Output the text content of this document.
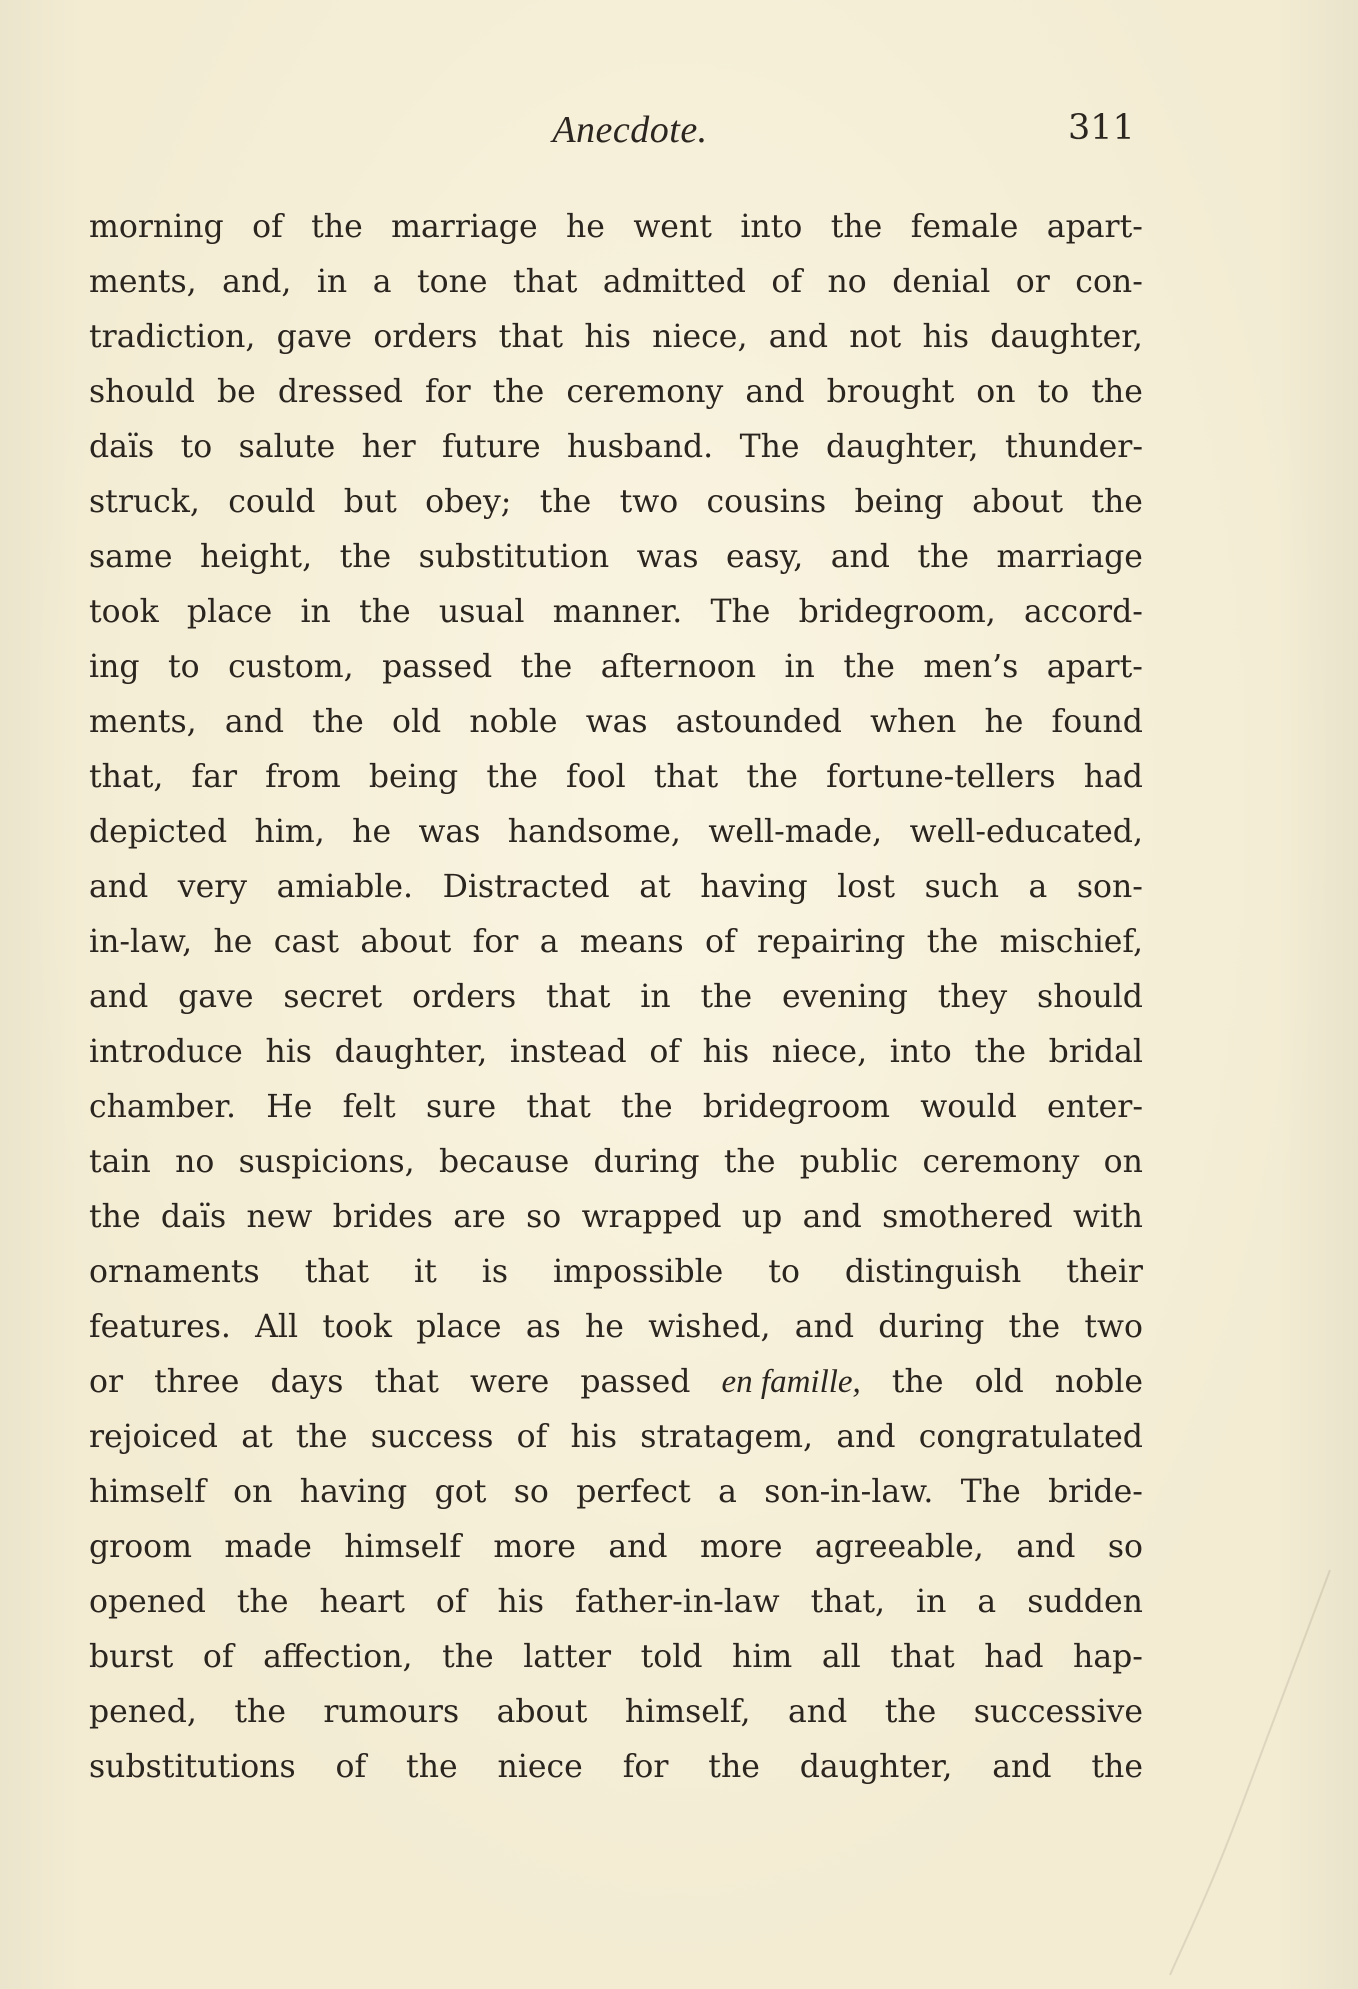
Anecdote.	311
morning of the marriage he went into the female apart-
ments, and, in a tone that admitted of no denial or con-
tradiction, gave orders that his niece, and not his daughter,
should be dressed for the ceremony and brought on to the
daïs to salute her future husband. The daughter, thunder-
struck, could but obey; the two cousins being about the
same height, the substitution was easy, and the marriage
took place in the usual manner. The bridegroom, accord-
ing to custom, passed the afternoon in the men’s apart-
ments, and the old noble was astounded when he found
that, far from being the fool that the fortune-tellers had
depicted him, he was handsome, well-made, well-educated,
and very amiable. Distracted at having lost such a son-
in-law, he cast about for a means of repairing the mischief,
and gave secret orders that in the evening they should
introduce his daughter, instead of his niece, into the bridal
chamber. He felt sure that the bridegroom would enter-
tain no suspicions, because during the public ceremony on
the daïs new brides are so wrapped up and smothered with
ornaments that it is impossible to distinguish their
features. All took place as he wished, and during the two
or three days that were passed en famille, the old noble
rejoiced at the success of his stratagem, and congratulated
himself on having got so perfect a son-in-law. The bride-
groom made himself more and more agreeable, and so
opened the heart of his father-in-law that, in a sudden
burst of affection, the latter told him all that had hap-
pened, the rumours about himself, and the successive
substitutions of the niece for the daughter, and the
